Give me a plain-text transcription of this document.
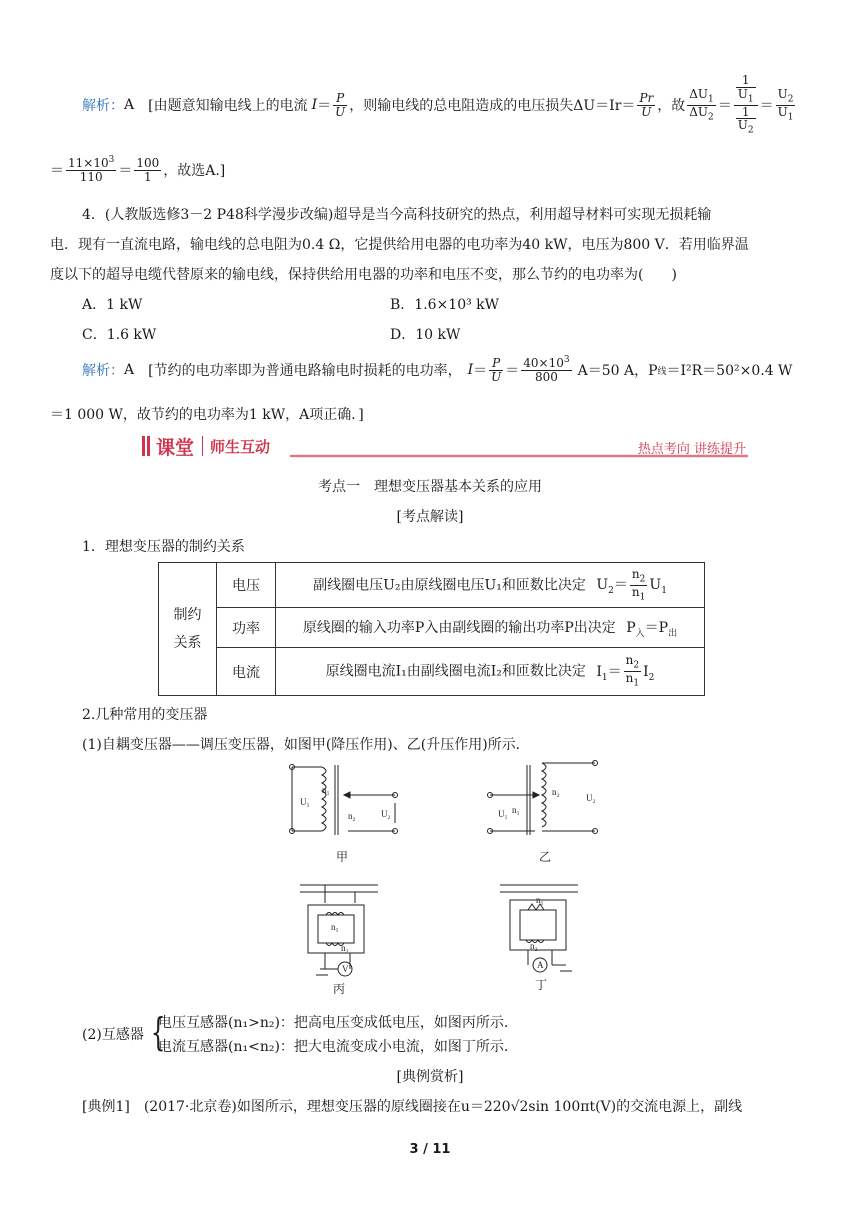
解析： A [由题意知输电线上的电流 $I = \frac{P}{U}$ ，则输电线的总电阻造成的电压损失$\Delta U=Ir= \frac{Pr}{U}$ ，故 $\frac{\Delta U_1}{\Delta U_2} = \frac{\frac{1}{U_1}}{\frac{1}{U_2}} = \frac{U_2}{U_1}$
＝ $\frac{11\times 10^3}{110} = \frac{100}{1}$ ，故选A.]
4．(人教版选修3－2 P48科学漫步改编)超导是当今高科技研究的热点，利用超导材料可实现无损耗输
电．现有一直流电路，输电线的总电阻为0.4 Ω，它提供给用电器的电功率为40 kW，电压为800 V．若用临界温
度以下的超导电缆代替原来的输电线，保持供给用电器的功率和电压不变，那么节约的电功率为(　　)
A．1 kW	B．1.6×10³ kW
C．1.6 kW	D．10 kW
解析： A [节约的电功率即为普通电路输电时损耗的电功率， $I = \frac{P}{U} = \frac{40\times 10^3}{800} A=50$ A，P 线 ＝I²R＝50²×0.4 W
＝1 000 W，故节约的电功率为1 kW，A项正确．]
课堂 师生互动	热点考向 讲练提升
考点一　理想变压器基本关系的应用
[考点解读]
1．理想变压器的制约关系
制约
关系	电压	副线圈电压U₂由原线圈电压U₁和匝数比决定 $U_2= \frac{n_2}{n_1} U_1$
	功率	原线圈的输入功率P入由副线圈的输出功率P出决定 $P_入=P_出$
	电流	原线圈电流I₁由副线圈电流I₂和匝数比决定 $I_1= \frac{n_2}{n_1} I_2$
2.几种常用的变压器
(1)自耦变压器——调压变压器，如图甲(降压作用)、乙(升压作用)所示．
U₁
n₁
n₂	U₂	U₁ n₁
n₂
U₂
n₁
n₂
V
n₁
n₂
A
甲	乙
丙	丁
(2)互感器 {
电压互感器(n₁>n₂)：把高电压变成低电压，如图丙所示.
电流互感器(n₁<n₂)：把大电流变成小电流，如图丁所示.
[典例赏析]
[典例1]　(2017·北京卷)如图所示，理想变压器的原线圈接在u＝220√2sin 100πt(V)的交流电源上，副线
3 / 11
